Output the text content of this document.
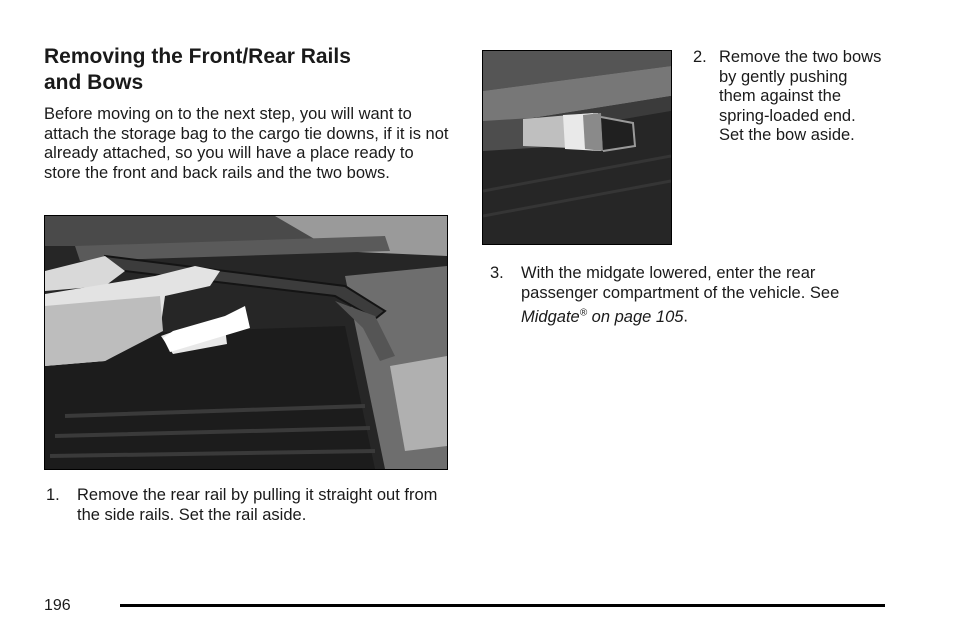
Removing the Front/Rear Rails
and Bows

Before moving on to the next step, you will want to attach the storage bag to the cargo tie downs, if it is not already attached, so you will have a place ready to store the front and back rails and the two bows.

1.	Remove the rear rail by pulling it straight out from the side rails. Set the rail aside.
2. Remove the two bows by gently pushing them against the spring-loaded end. Set the bow aside.
3.	With the midgate lowered, enter the rear passenger compartment of the vehicle. See Midgate® on page 105.
196
